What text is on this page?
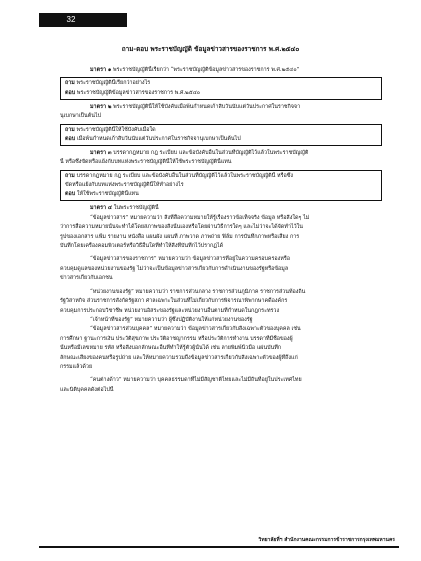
32
ถาม-ตอบ พระราชบัญญัติ ข้อมูลข่าวสารของราชการ พ.ศ.๒๕๔๐

มาตรา ๑ พระราชบัญญัตินี้เรียกว่า “พระราชบัญญัติข้อมูลข่าวสารของราชการ พ.ศ.๒๕๔๐”

ถาม พระราชบัญญัตินี้เรียกว่าอย่างไร

ตอบ พระราชบัญญัติข้อมูลข่าวสารของราชการ พ.ศ.๒๕๔๐

มาตรา ๒ พระราชบัญญัตินี้ให้ใช้บังคับเมื่อพ้นกำหนดเก้าสิบวันนับแต่วันประกาศในราชกิจจา

นุเบกษาเป็นต้นไป

ถาม พระราชบัญญัตินี้ให้ใช้บังคับเมื่อใด

ตอบ เมื่อพ้นกำหนดเก้าสิบวันนับแต่วันประกาศในราชกิจจานุเบกษาเป็นต้นไป

มาตรา ๓ บรรดากฎหมาย กฎ ระเบียบ และข้อบังคับอื่นในส่วนที่บัญญัติไว้แล้วในพระราชบัญญัติ

นี้ หรือซึ่งขัดหรือแย้งกับบทแห่งพระราชบัญญัตินี้ให้ใช้พระราชบัญญัตินี้แทน

ถาม บรรดากฎหมาย กฎ ระเบียบ และข้อบังคับอื่นในส่วนที่บัญญัติไว้แล้วในพระราชบัญญัตินี้ หรือซึ่ง

ขัดหรือแย้งกับบทแห่งพระราชบัญญัตินี้ให้ทำอย่างไร

ตอบ ให้ใช้พระราชบัญญัตินี้แทน

มาตรา ๔ ในพระราชบัญญัตินี้

“ข้อมูลข่าวสาร” หมายความว่า สิ่งที่สื่อความหมายให้รู้เรื่องราวข้อเท็จจริง ข้อมูล หรือสิ่งใดๆ ไม่

ว่าการสื่อความหมายนั้นจะทำได้โดยสภาพของสิ่งนั้นเองหรือโดยผ่านวิธีการใดๆ และไม่ว่าจะได้จัดทำไว้ใน

รูปของเอกสาร แฟ้ม รายงาน หนังสือ แผนผัง แผนที่ ภาพวาด ภาพถ่าย ฟิล์ม การบันทึกภาพหรือเสียง การ

บันทึกโดยเครื่องคอมพิวเตอร์หรือวิธีอื่นใดที่ทำให้สิ่งที่บันทึกไว้ปรากฏได้

“ข้อมูลข่าวสารของราชการ” หมายความว่า ข้อมูลข่าวสารที่อยู่ในความครอบครองหรือ

ควบคุมดูแลของหน่วยงานของรัฐ ไม่ว่าจะเป็นข้อมูลข่าวสารเกี่ยวกับการดำเนินงานของรัฐหรือข้อมูล

ข่าวสารเกี่ยวกับเอกชน

“หน่วยงานของรัฐ” หมายความว่า ราชการส่วนกลาง ราชการส่วนภูมิภาค ราชการส่วนท้องถิ่น

รัฐวิสาหกิจ ส่วนราชการสังกัดรัฐสภา ศาลเฉพาะในส่วนที่ไม่เกี่ยวกับการพิจารณาพิพากษาคดีองค์กร

ควบคุมการประกอบวิชาชีพ หน่วยงานอิสระของรัฐและหน่วยงานอื่นตามที่กำหนดในกฎกระทรวง

“เจ้าหน้าที่ของรัฐ” หมายความว่า ผู้ซึ่งปฏิบัติงานให้แก่หน่วยงานของรัฐ

“ข้อมูลข่าวสารส่วนบุคคล” หมายความว่า ข้อมูลข่าวสารเกี่ยวกับสิ่งเฉพาะตัวของบุคคล เช่น

การศึกษา ฐานะการเงิน ประวัติสุขภาพ ประวัติอาชญากรรม หรือประวัติการทำงาน บรรดาที่มีชื่อของผู้

นั้นหรือมีเลขหมาย รหัส หรือสิ่งบอกลักษณะอื่นที่ทำให้รู้ตัวผู้นั้นได้ เช่น ลายพิมพ์นิ้วมือ แผ่นบันทึก

ลักษณะเสียงของคนหรือรูปถ่าย และให้หมายความรวมถึงข้อมูลข่าวสารเกี่ยวกับสิ่งเฉพาะตัวของผู้ที่ถึงแก่

กรรมแล้วด้วย

“คนต่างด้าว” หมายความว่า บุคคลธรรมดาที่ไม่มีสัญชาติไทยและไม่มีถิ่นที่อยู่ในประเทศไทย

และนิติบุคคลดังต่อไปนี้

วิทยาลัยที่ฯ สำนักงานคณะกรรมการข้าราชการกรุงเทพมหานคร
